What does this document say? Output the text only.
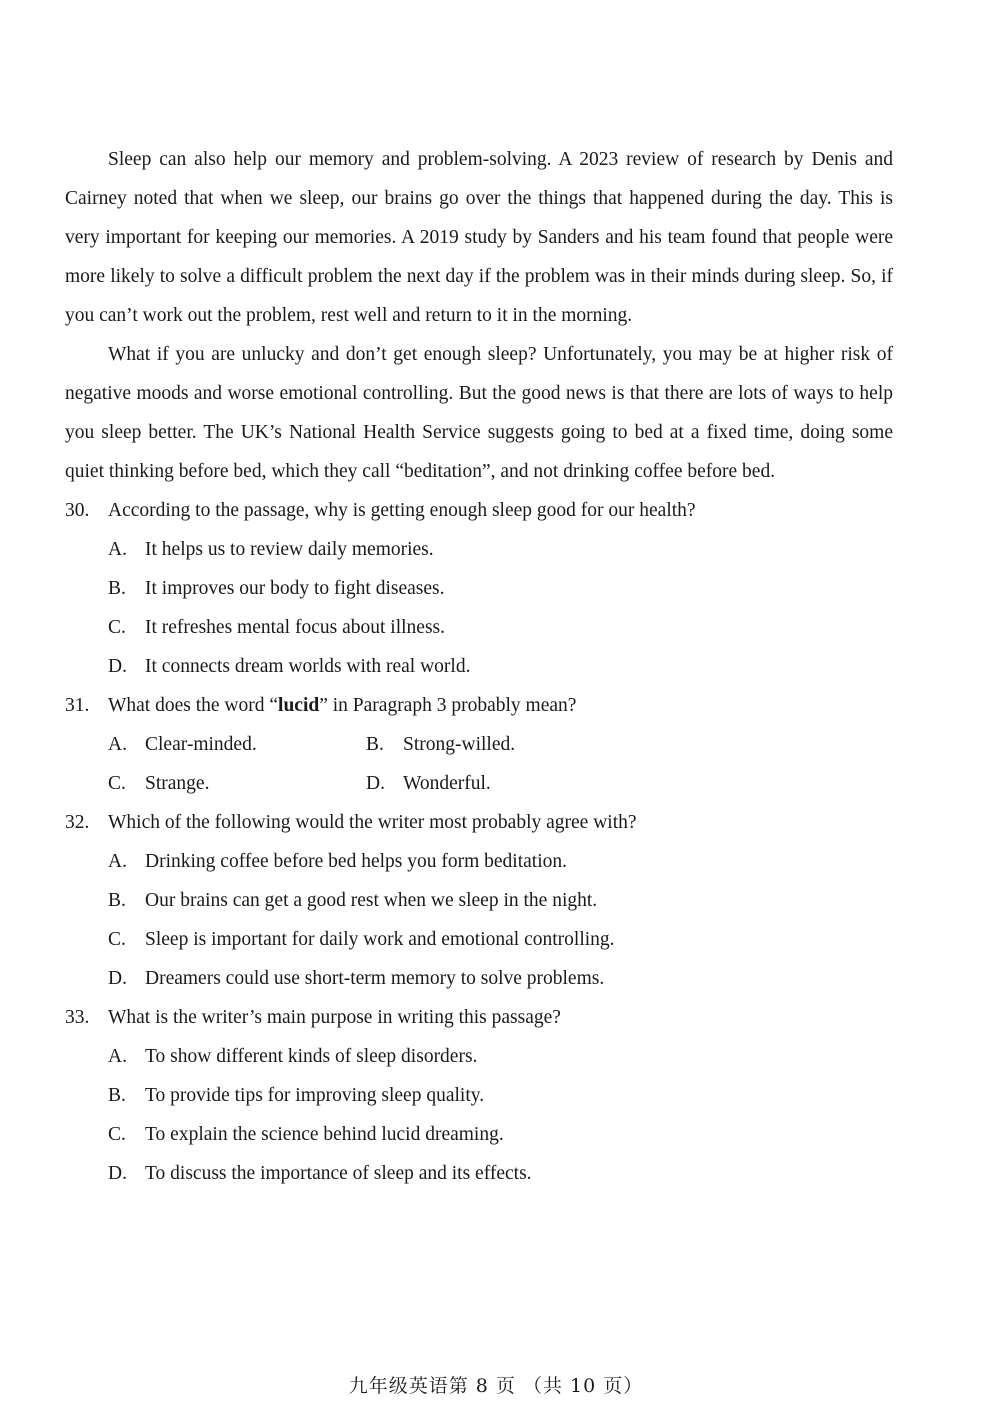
Sleep can also help our memory and problem-solving. A 2023 review of research by Denis and Cairney noted that when we sleep, our brains go over the things that happened during the day. This is very important for keeping our memories. A 2019 study by Sanders and his team found that people were more likely to solve a difficult problem the next day if the problem was in their minds during sleep. So, if you can’t work out the problem, rest well and return to it in the morning.

What if you are unlucky and don’t get enough sleep? Unfortunately, you may be at higher risk of negative moods and worse emotional controlling. But the good news is that there are lots of ways to help you sleep better. The UK’s National Health Service suggests going to bed at a fixed time, doing some quiet thinking before bed, which they call “beditation”, and not drinking coffee before bed.

30. According to the passage, why is getting enough sleep good for our health?

A. It helps us to review daily memories.

B. It improves our body to fight diseases.

C. It refreshes mental focus about illness.

D. It connects dream worlds with real world.

31. What does the word “lucid” in Paragraph 3 probably mean?

A. Clear-minded.	B. Strong-willed.
C. Strange.	D. Wonderful.

32. Which of the following would the writer most probably agree with?

A. Drinking coffee before bed helps you form beditation.

B. Our brains can get a good rest when we sleep in the night.

C. Sleep is important for daily work and emotional controlling.

D. Dreamers could use short-term memory to solve problems.

33. What is the writer’s main purpose in writing this passage?

A. To show different kinds of sleep disorders.

B. To provide tips for improving sleep quality.

C. To explain the science behind lucid dreaming.

D. To discuss the importance of sleep and its effects.

九年级英语第 8 页 （共 10 页）
